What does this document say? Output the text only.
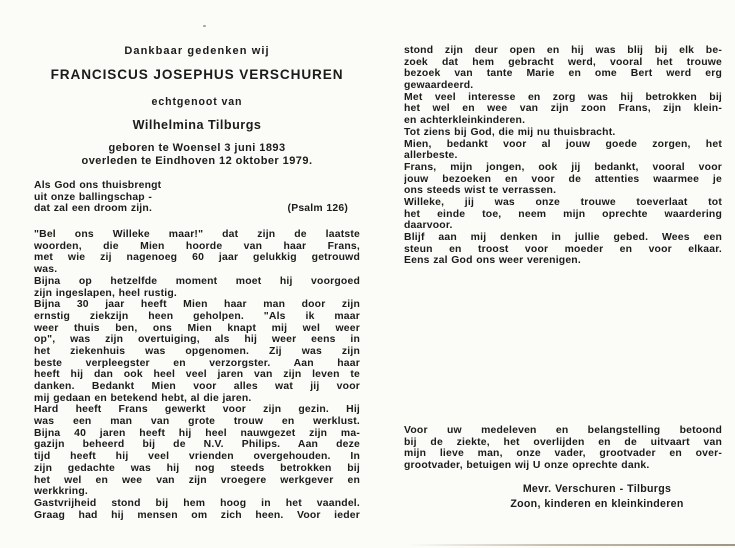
Dankbaar gedenken wij
FRANCISCUS JOSEPHUS VERSCHUREN
echtgenoot van
Wilhelmina Tilburgs
geboren te Woensel 3 juni 1893
overleden te Eindhoven 12 oktober 1979.
Als God ons thuisbrengt
uit onze ballingschap -
dat zal een droom zijn.	(Psalm 126)
"Bel ons Willeke maar!" dat zijn de laatste
woorden, die Mien hoorde van haar Frans,
met wie zij nagenoeg 60 jaar gelukkig getrouwd
was.
Bijna op hetzelfde moment moet hij voorgoed
zijn ingeslapen, heel rustig.
Bijna 30 jaar heeft Mien haar man door zijn
ernstig ziekzijn heen geholpen. "Als ik maar
weer thuis ben, ons Mien knapt mij wel weer
op", was zijn overtuiging, als hij weer eens in
het ziekenhuis was opgenomen. Zij was zijn
beste verpleegster en verzorgster. Aan haar
heeft hij dan ook heel veel jaren van zijn leven te
danken. Bedankt Mien voor alles wat jij voor
mij gedaan en betekend hebt, al die jaren.
Hard heeft Frans gewerkt voor zijn gezin. Hij
was een man van grote trouw en werklust.
Bijna 40 jaren heeft hij heel nauwgezet zijn ma-
gazijn beheerd bij de N.V. Philips. Aan deze
tijd heeft hij veel vrienden overgehouden. In
zijn gedachte was hij nog steeds betrokken bij
het wel en wee van zijn vroegere werkgever en
werkkring.
Gastvrijheid stond bij hem hoog in het vaandel.
Graag had hij mensen om zich heen. Voor ieder
stond zijn deur open en hij was blij bij elk be-
zoek dat hem gebracht werd, vooral het trouwe
bezoek van tante Marie en ome Bert werd erg
gewaardeerd.
Met veel interesse en zorg was hij betrokken bij
het wel en wee van zijn zoon Frans, zijn klein-
en achterkleinkinderen.
Tot ziens bij God, die mij nu thuisbracht.
Mien, bedankt voor al jouw goede zorgen, het
allerbeste.
Frans, mijn jongen, ook jij bedankt, vooral voor
jouw bezoeken en voor de attenties waarmee je
ons steeds wist te verrassen.
Willeke, jij was onze trouwe toeverlaat tot
het einde toe, neem mijn oprechte waardering
daarvoor.
Blijf aan mij denken in jullie gebed. Wees een
steun en troost voor moeder en voor elkaar.
Eens zal God ons weer verenigen.
Voor uw medeleven en belangstelling betoond
bij de ziekte, het overlijden en de uitvaart van
mijn lieve man, onze vader, grootvader en over-
grootvader, betuigen wij U onze oprechte dank.
Mevr. Verschuren - Tilburgs
Zoon, kinderen en kleinkinderen
